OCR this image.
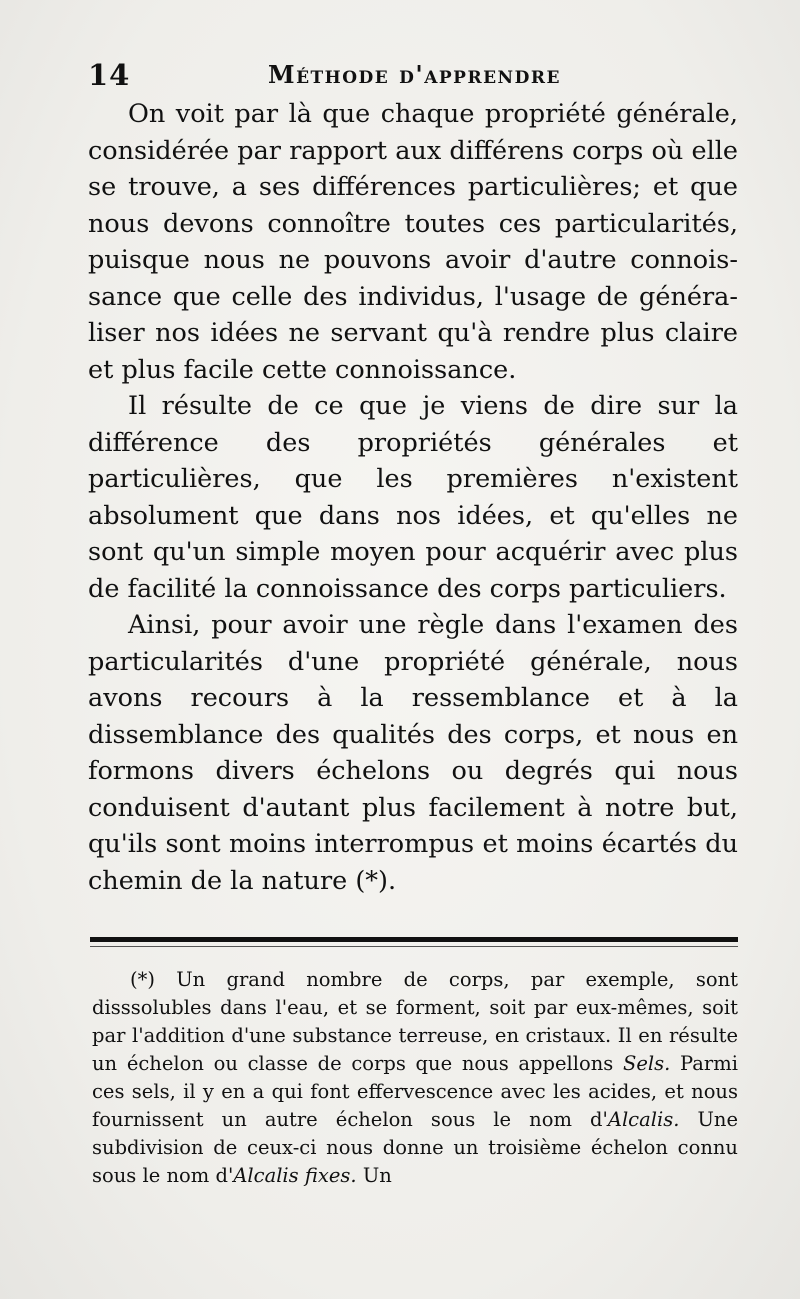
14	Méthode d'apprendre

On voit par là que chaque propriété générale, considérée par rapport aux différens corps où elle se trouve, a ses différences particulières; et que nous devons connoître toutes ces particularités, puisque nous ne pouvons avoir d'autre connois-sance que celle des individus, l'usage de généra-liser nos idées ne servant qu'à rendre plus claire et plus facile cette connoissance.

Il résulte de ce que je viens de dire sur la différence des propriétés générales et particulières, que les premières n'existent absolument que dans nos idées, et qu'elles ne sont qu'un simple moyen pour acquérir avec plus de facilité la connoissance des corps particuliers.

Ainsi, pour avoir une règle dans l'examen des particularités d'une propriété générale, nous avons recours à la ressemblance et à la dissemblance des qualités des corps, et nous en formons divers échelons ou degrés qui nous conduisent d'autant plus facilement à notre but, qu'ils sont moins interrompus et moins écartés du chemin de la nature (*).

(*) Un grand nombre de corps, par exemple, sont disssolubles dans l'eau, et se forment, soit par eux-mêmes, soit par l'addition d'une substance terreuse, en cristaux. Il en résulte un échelon ou classe de corps que nous appellons Sels. Parmi ces sels, il y en a qui font effervescence avec les acides, et nous fournissent un autre échelon sous le nom d'Alcalis. Une subdivision de ceux-ci nous donne un troisième échelon connu sous le nom d'Alcalis fixes. Un
